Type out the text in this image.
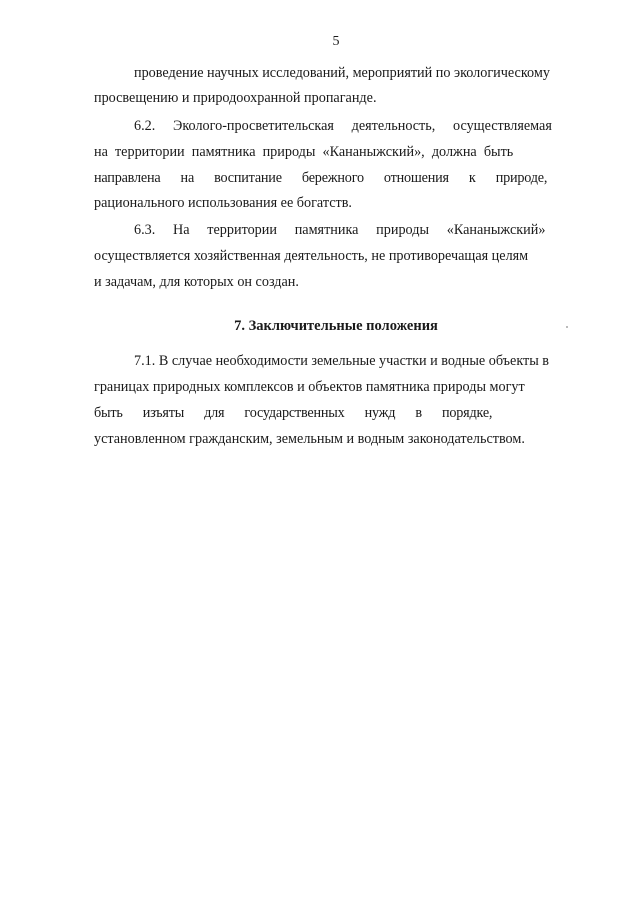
5
проведение научных исследований, мероприятий по экологическому
просвещению и природоохранной пропаганде.
6.2.     Эколого-просветительская     деятельность,     осуществляемая
на  территории  памятника  природы  «Кананыжский»,  должна  быть
направлена      на      воспитание      бережного      отношения      к      природе,
рационального использования ее богатств.
6.3.     На     территории     памятника     природы     «Кананыжский»
осуществляется хозяйственная деятельность, не противоречащая целям
и задачам, для которых он создан.
7. Заключительные положения
7.1. В случае необходимости земельные участки и водные объекты в
границах природных комплексов и объектов памятника природы могут
быть      изъяты      для      государственных      нужд      в      порядке,
установленном гражданским, земельным и водным законодательством.
